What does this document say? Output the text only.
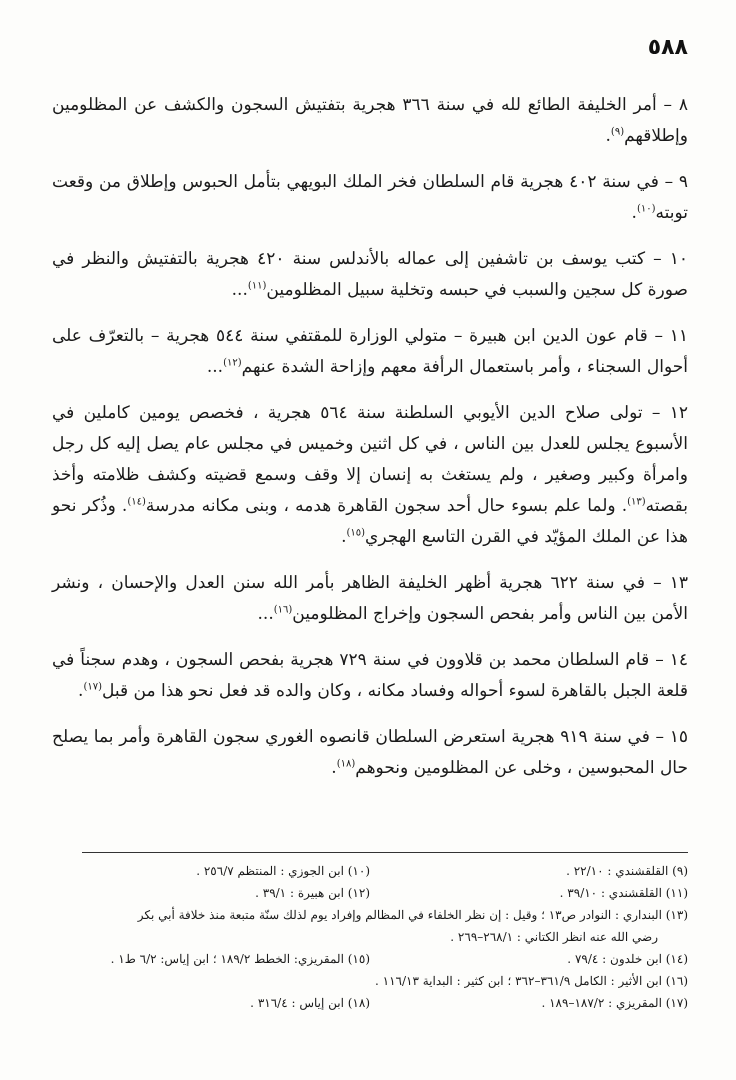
٥٨٨

٨ – أمر الخليفة الطائع لله في سنة ٣٦٦ هجرية بتفتيش السجون والكشف عن المظلومين وإطلاقهم$^{(٩)}$.

٩ – في سنة ٤٠٢ هجرية قام السلطان فخر الملك البويهي بتأمل الحبوس وإطلاق من وقعت توبته$^{(١٠)}$.

١٠ – كتب يوسف بن تاشفين إلى عماله بالأندلس سنة ٤٢٠ هجرية بالتفتيش والنظر في صورة كل سجين والسبب في حبسه وتخلية سبيل المظلومين$^{(١١)}$...

١١ – قام عون الدين ابن هبيرة – متولي الوزارة للمقتفي سنة ٥٤٤ هجرية – بالتعرّف على أحوال السجناء ، وأمر باستعمال الرأفة معهم وإزاحة الشدة عنهم$^{(١٢)}$...

١٢ – تولى صلاح الدين الأيوبي السلطنة سنة ٥٦٤ هجرية ، فخصص يومين كاملين في الأسبوع يجلس للعدل بين الناس ، في كل اثنين وخميس في مجلس عام يصل إليه كل رجل وامرأة وكبير وصغير ، ولم يستغث به إنسان إلا وقف وسمع قضيته وكشف ظلامته وأخذ بقصته$^{(١٣)}$. ولما علم بسوء حال أحد سجون القاهرة هدمه ، وبنى مكانه مدرسة$^{(١٤)}$. وذُكر نحو هذا عن الملك المؤيّد في القرن التاسع الهجري$^{(١٥)}$.

١٣ – في سنة ٦٢٢ هجرية أظهر الخليفة الظاهر بأمر الله سنن العدل والإحسان ، ونشر الأمن بين الناس وأمر بفحص السجون وإخراج المظلومين$^{(١٦)}$...

١٤ – قام السلطان محمد بن قلاوون في سنة ٧٢٩ هجرية بفحص السجون ، وهدم سجناً في قلعة الجبل بالقاهرة لسوء أحواله وفساد مكانه ، وكان والده قد فعل نحو هذا من قبل$^{(١٧)}$.

١٥ – في سنة ٩١٩ هجرية استعرض السلطان قانصوه الغوري سجون القاهرة وأمر بما يصلح حال المحبوسين ، وخلى عن المظلومين ونحوهم$^{(١٨)}$.

(٩) القلقشندي : ٢٢/١٠ .
(١٠) ابن الجوزي : المنتظم ٢٥٦/٧ .
(١١) القلقشندي : ٣٩/١٠ .
(١٢) ابن هبيرة : ٣٩/١ .
(١٣) البنداري : النوادر ص١٣ ؛ وقيل : إن نظر الخلفاء في المظالم وإفراد يوم لذلك سنّة متبعة منذ خلافة أبي بكر
رضي الله عنه انظر الكتاني : ٢٦٨/١–٢٦٩ .
(١٤) ابن خلدون : ٧٩/٤ .
(١٥) المقريزي: الخطط ١٨٩/٢ ؛ ابن إياس: ٦/٢ ط١ .
(١٦) ابن الأثير : الكامل ٣٦١/٩–٣٦٢ ؛ ابن كثير : البداية ١١٦/١٣ .
(١٧) المقريزي : ١٨٧/٢–١٨٩ .
(١٨) ابن إياس : ٣١٦/٤ .
